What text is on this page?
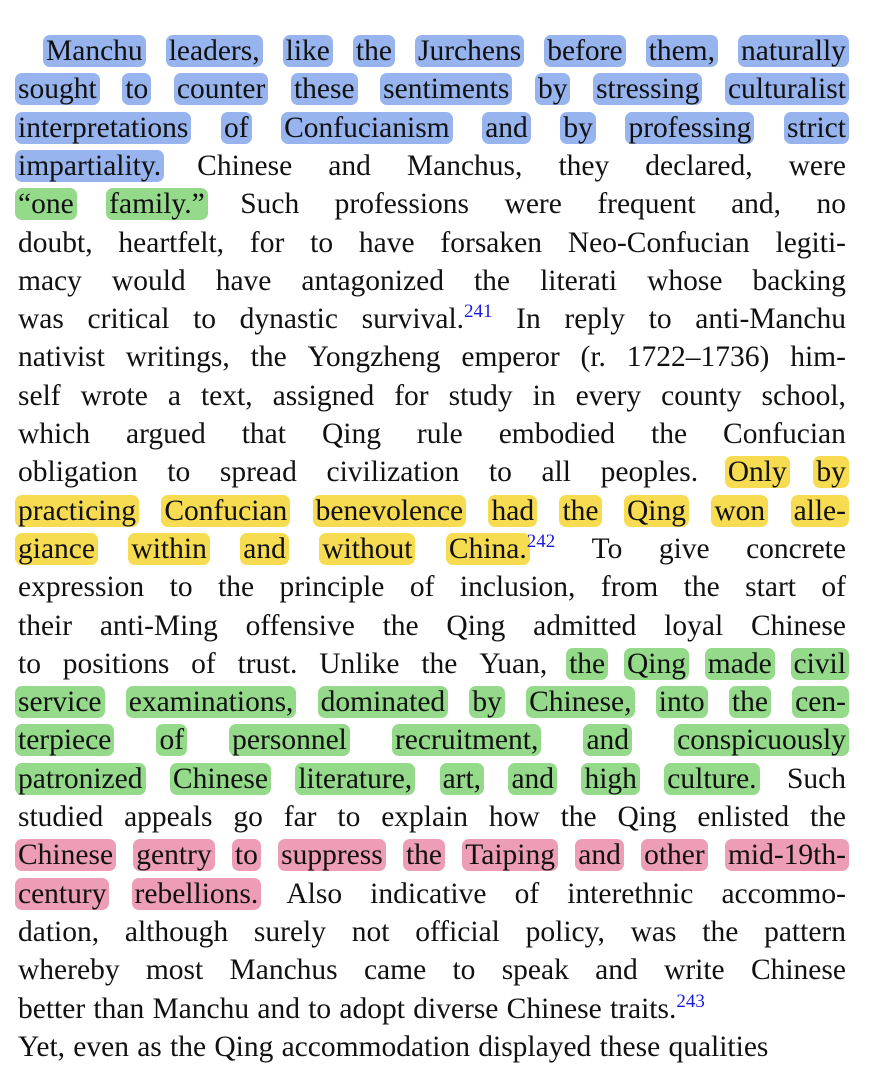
Manchu leaders, like the Jurchens before them, naturally
sought to counter these sentiments by stressing culturalist
interpretations of Confucianism and by professing strict
impartiality. Chinese and Manchus, they declared, were
“one family.” Such professions were frequent and, no
doubt, heartfelt, for to have forsaken Neo-Confucian legiti-
macy would have antagonized the literati whose backing
was critical to dynastic survival.$^{241}$ In reply to anti-Manchu
nativist writings, the Yongzheng emperor (r. 1722–1736) him-
self wrote a text, assigned for study in every county school,
which argued that Qing rule embodied the Confucian
obligation to spread civilization to all peoples. Only by
practicing Confucian benevolence had the Qing won alle-
giance within and without China.$^{242}$ To give concrete
expression to the principle of inclusion, from the start of
their anti-Ming offensive the Qing admitted loyal Chinese
to positions of trust. Unlike the Yuan, the Qing made civil
service examinations, dominated by Chinese, into the cen-
terpiece of personnel recruitment, and conspicuously
patronized Chinese literature, art, and high culture. Such
studied appeals go far to explain how the Qing enlisted the
Chinese gentry to suppress the Taiping and other mid-19th-
century rebellions. Also indicative of interethnic accommo-
dation, although surely not official policy, was the pattern
whereby most Manchus came to speak and write Chinese
better than Manchu and to adopt diverse Chinese traits.$^{243}$
Yet, even as the Qing accommodation displayed these qualities
